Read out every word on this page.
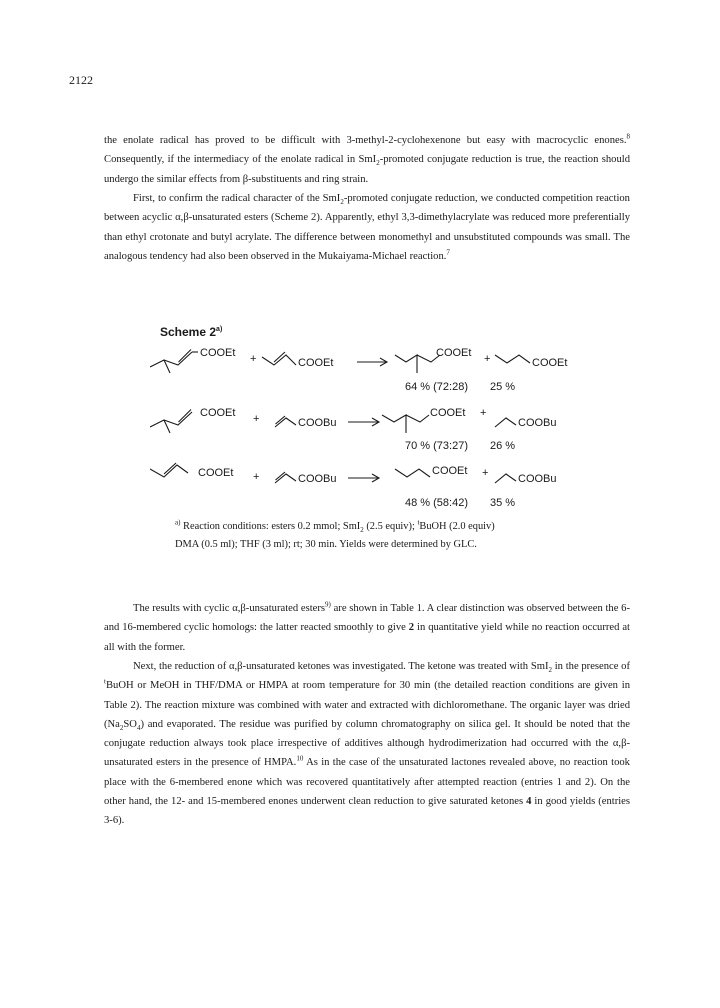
2122

the enolate radical has proved to be difficult with 3-methyl-2-cyclohexenone but easy with macrocyclic enones.$^8$ Consequently, if the intermediacy of the enolate radical in SmI$_2$-promoted conjugate reduction is true, the reaction should undergo the similar effects from β-substituents and ring strain.

First, to confirm the radical character of the SmI$_2$-promoted conjugate reduction, we conducted competition reaction between acyclic α,β-unsaturated esters (Scheme 2). Apparently, ethyl 3,3-dimethylacrylate was reduced more preferentially than ethyl crotonate and butyl acrylate. The difference between monomethyl and unsubstituted compounds was small. The analogous tendency had also been observed in the Mukaiyama-Michael reaction.$^7$

Scheme 2$^{a)}$
COOEt +	COOEt
COOEt +	COOEt
64 % (72:28) 25 %
COOEt +	COOBu
COOEt +
COOBu
70 % (73:27) 26 %
COOEt +	COOBu
COOEt +	COOBu
48 % (58:42) 35 %

$^{a)}$ Reaction conditions: esters 0.2 mmol; SmI$_2$ (2.5 equiv); $^t$BuOH (2.0 equiv)
DMA (0.5 ml); THF (3 ml); rt; 30 min. Yields were determined by GLC.

The results with cyclic α,β-unsaturated esters$^{9)}$ are shown in Table 1. A clear distinction was observed between the 6- and 16-membered cyclic homologs: the latter reacted smoothly to give 2 in quantitative yield while no reaction occurred at all with the former.

Next, the reduction of α,β-unsaturated ketones was investigated. The ketone was treated with SmI$_2$ in the presence of $^t$BuOH or MeOH in THF/DMA or HMPA at room temperature for 30 min (the detailed reaction conditions are given in Table 2). The reaction mixture was combined with water and extracted with dichloromethane. The organic layer was dried $(Na_2SO_4)$ and evaporated. The residue was purified by column chromatography on silica gel. It should be noted that the conjugate reduction always took place irrespective of additives although hydrodimerization had occurred with the α,β-unsaturated esters in the presence of HMPA.$^{10}$ As in the case of the unsaturated lactones revealed above, no reaction took place with the 6-membered enone which was recovered quantitatively after attempted reaction (entries 1 and 2). On the other hand, the 12- and 15-membered enones underwent clean reduction to give saturated ketones 4 in good yields (entries 3-6).
